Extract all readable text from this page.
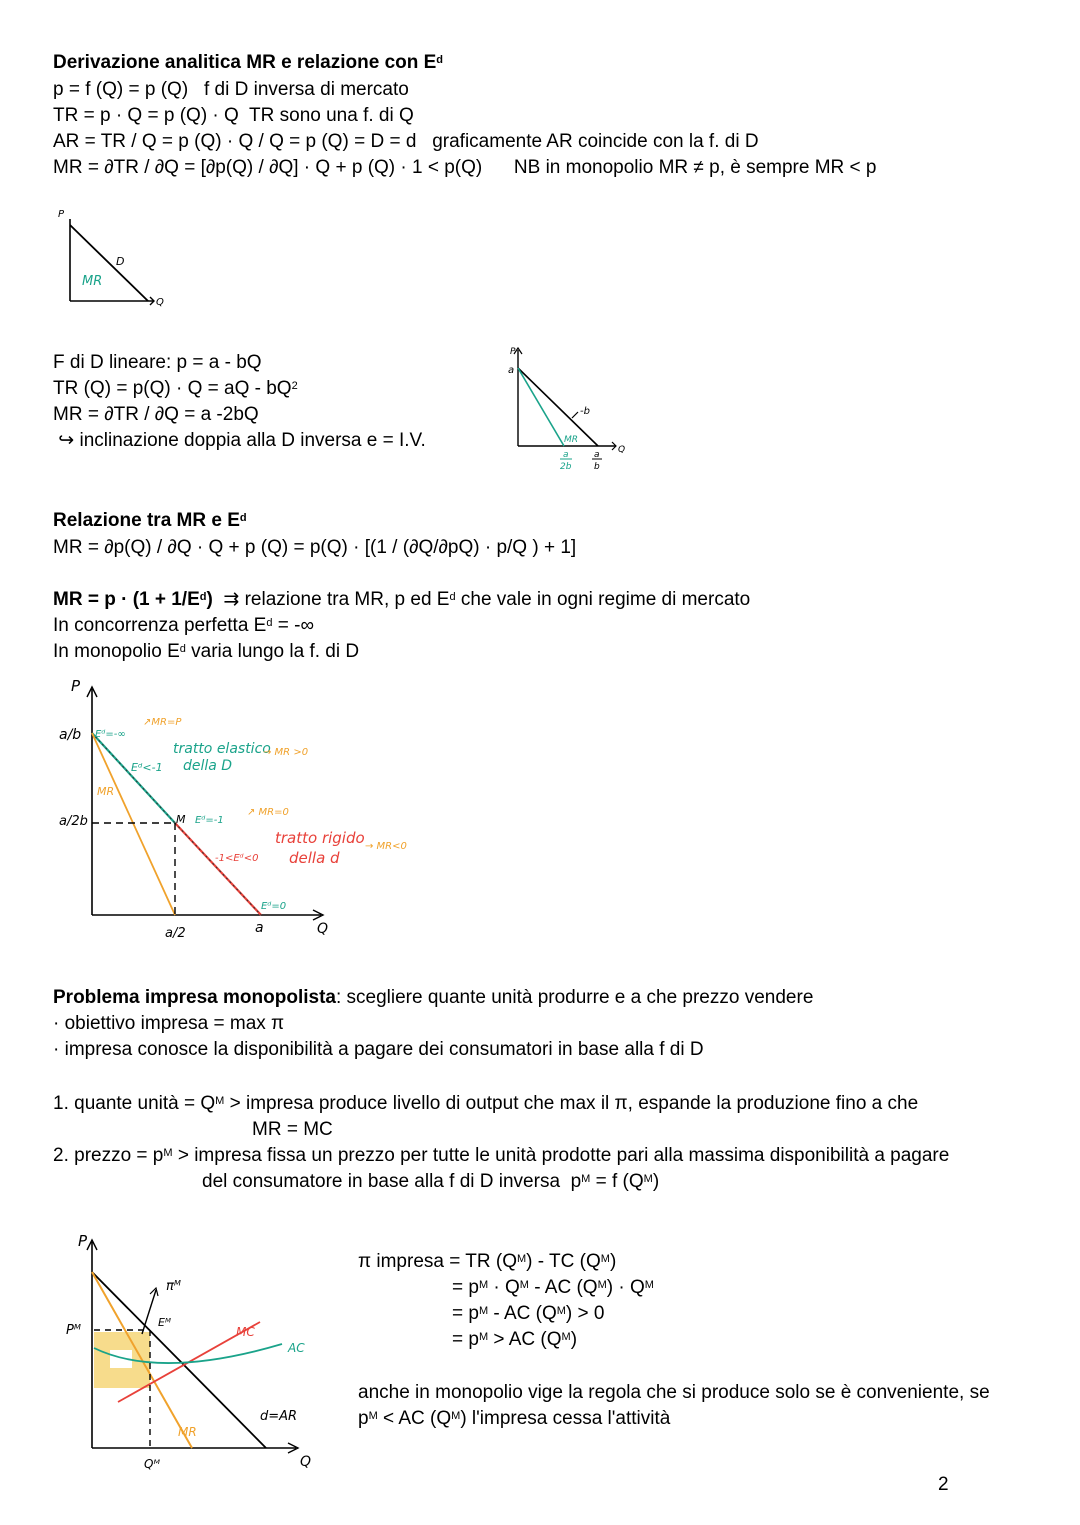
Derivazione analitica MR e relazione con $E^d$
p = f (Q) = p (Q)   f di D inversa di mercato
TR = p · Q = p (Q) · Q  TR sono una f. di Q
AR = TR / Q = p (Q) · Q / Q = p (Q) = D = d   graficamente AR coincide con la f. di D
MR = ∂TR / ∂Q = [∂p(Q) / ∂Q] · Q + p (Q) · 1 < p(Q)      NB in monopolio MR ≠ p, è sempre MR < p
P
D
MR
Q
F di D lineare: p = a - bQ
TR (Q) = p(Q) · Q = aQ - $bQ^2$
MR = ∂TR / ∂Q = a -2bQ
↪ inclinazione doppia alla D inversa e = I.V.
P
a
-b
MR
a
2b
a
b
Q
Relazione tra MR e $E^d$
MR = ∂p(Q) / ∂Q · Q + p (Q) = p(Q) · [(1 / (∂Q/∂pQ) · p/Q ) + 1]
MR = $p \cdot (1 + 1/E^d)$  ⇉ relazione tra MR, p ed $E^d$ che vale in ogni regime di mercato
In concorrenza perfetta $E^d$ = -∞
In monopolio $E^d$ varia lungo la f. di D
P
a/b
a/2b
a/2	a	Q
Eᵈ=-∞
↗MR=P
tratto elastico
della D
→ MR >0
Eᵈ<-1
MR
M Eᵈ=-1
↗ MR=0
tratto rigido
della d
→ MR<0
-1<Eᵈ<0
Eᵈ=0
Problema impresa monopolista: scegliere quante unità produrre e a che prezzo vendere
· obiettivo impresa = max π
· impresa conosce la disponibilità a pagare dei consumatori in base alla f di D
1. quante unità = $Q^M$ > impresa produce livello di output che max il π, espande la produzione fino a che
MR = MC
2. prezzo = $p^M$ > impresa fissa un prezzo per tutte le unità prodotte pari alla massima disponibilità a pagare
del consumatore in base alla f di D inversa  $p^M = f$ $(Q^M)$
P
Pᴹ
πᴹ
Eᴹ
MC
AC
d=AR
MR
Qᴹ	Q
π impresa = TR $(Q^M)$ - TC $(Q^M)$
= $p^M \cdot Q^M$ - AC $(Q^M) \cdot Q^M$
= $p^M$ - AC $(Q^M) > 0$
= $p^M$ > AC $(Q^M)$
anche in monopolio vige la regola che si produce solo se è conveniente, se
$p^M$ < AC $(Q^M)$ l'impresa cessa l'attività
2
